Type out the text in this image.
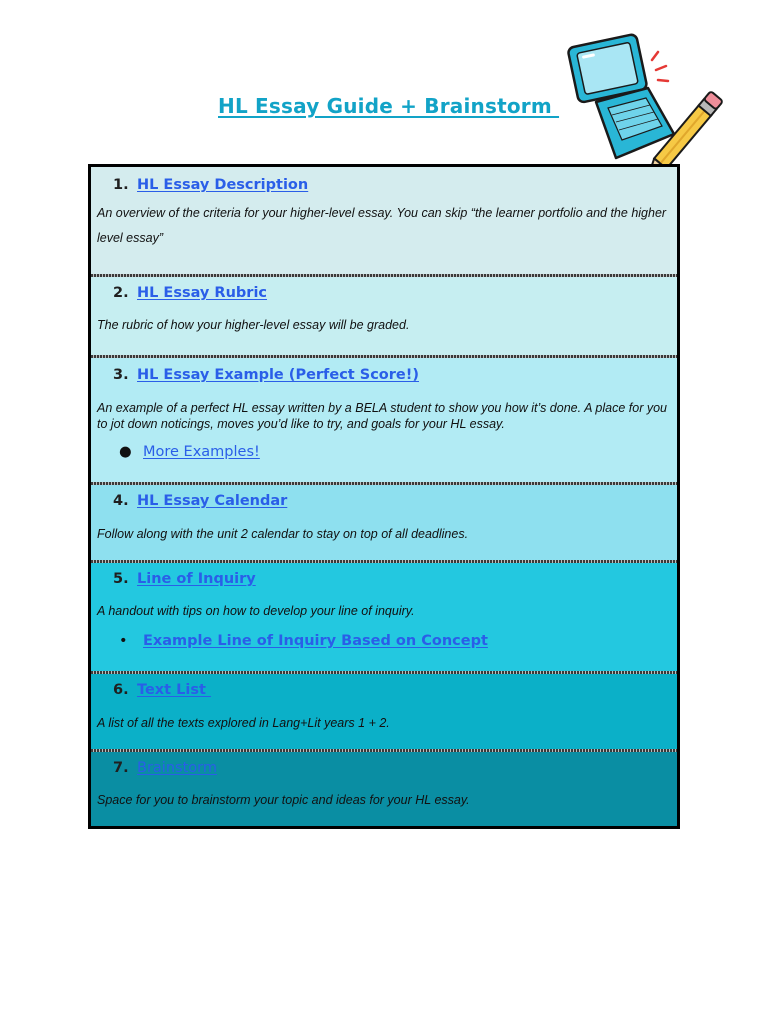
HL Essay Guide + Brainstorm
1. HL Essay Description
An overview of the criteria for your higher-level essay. You can skip “the learner portfolio and the higher level essay”
2. HL Essay Rubric
The rubric of how your higher-level essay will be graded.
3. HL Essay Example (Perfect Score!)
An example of a perfect HL essay written by a BELA student to show you how it’s done. A place for you to jot down noticings, moves you’d like to try, and goals for your HL essay.
● More Examples!
4. HL Essay Calendar
Follow along with the unit 2 calendar to stay on top of all deadlines.
5. Line of Inquiry
A handout with tips on how to develop your line of inquiry.
• Example Line of Inquiry Based on Concept
6. Text List
A list of all the texts explored in Lang+Lit years 1 + 2.
7. Brainstorm
Space for you to brainstorm your topic and ideas for your HL essay.
